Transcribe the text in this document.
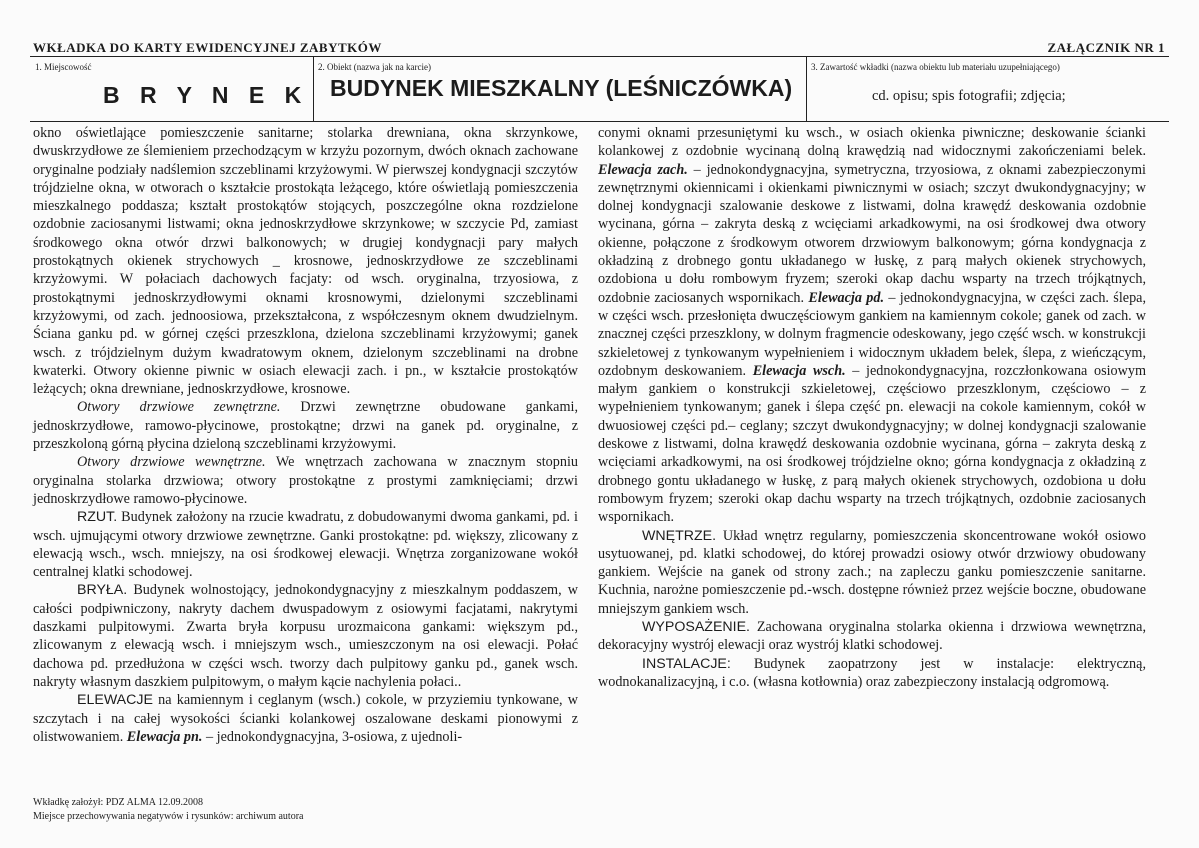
WKŁADKA DO KARTY EWIDENCYJNEJ ZABYTKÓW	ZAŁĄCZNIK NR 1
1. Miejscowość
B R Y N E K
2. Obiekt (nazwa jak na karcie)
BUDYNEK MIESZKALNY (LEŚNICZÓWKA)
3. Zawartość wkładki (nazwa obiektu lub materiału uzupełniającego)
cd. opisu; spis fotografii; zdjęcia;

okno oświetlające pomieszczenie sanitarne; stolarka drewniana, okna skrzynkowe, dwuskrzydłowe ze ślemieniem przechodzącym w krzyżu pozornym, dwóch oknach zachowane oryginalne podziały nadślemion szczeblinami krzyżowymi. W pierwszej kondygnacji szczytów trójdzielne okna, w otworach o kształcie prostokąta leżącego, które oświetlają pomieszczenia mieszkalnego poddasza; kształt prostokątów stojących, poszczególne okna rozdzielone ozdobnie zaciosanymi listwami; okna jednoskrzydłowe skrzynkowe; w szczycie Pd, zamiast środkowego okna otwór drzwi balkonowych; w drugiej kondygnacji pary małych prostokątnych okienek strychowych _ krosnowe, jednoskrzydłowe ze szczeblinami krzyżowymi. W połaciach dachowych facjaty: od wsch. oryginalna, trzyosiowa, z prostokątnymi jednoskrzydłowymi oknami krosnowymi, dzielonymi szczeblinami krzyżowymi, od zach. jednoosiowa, przekształcona, z współczesnym oknem dwudzielnym. Ściana ganku pd. w górnej części przeszklona, dzielona szczeblinami krzyżowymi; ganek wsch. z trójdzielnym dużym kwadratowym oknem, dzielonym szczeblinami na drobne kwaterki. Otwory okienne piwnic w osiach elewacji zach. i pn., w kształcie prostokątów leżących; okna drewniane, jednoskrzydłowe, krosnowe.

Otwory drzwiowe zewnętrzne. Drzwi zewnętrzne obudowane gankami, jednoskrzydłowe, ramowo-płycinowe, prostokątne; drzwi na ganek pd. oryginalne, z przeszkoloną górną płycina dzieloną szczeblinami krzyżowymi.

Otwory drzwiowe wewnętrzne. We wnętrzach zachowana w znacznym stopniu oryginalna stolarka drzwiowa; otwory prostokątne z prostymi zamknięciami; drzwi jednoskrzydłowe ramowo-płycinowe.

RZUT. Budynek założony na rzucie kwadratu, z dobudowanymi dwoma gankami, pd. i wsch. ujmującymi otwory drzwiowe zewnętrzne. Ganki prostokątne: pd. większy, zlicowany z elewacją wsch., wsch. mniejszy, na osi środkowej elewacji. Wnętrza zorganizowane wokół centralnej klatki schodowej.

BRYŁA. Budynek wolnostojący, jednokondygnacyjny z mieszkalnym poddaszem, w całości podpiwniczony, nakryty dachem dwuspadowym z osiowymi facjatami, nakrytymi daszkami pulpitowymi. Zwarta bryła korpusu urozmaicona gankami: większym pd., zlicowanym z elewacją wsch. i mniejszym wsch., umieszczonym na osi elewacji. Połać dachowa pd. przedłużona w części wsch. tworzy dach pulpitowy ganku pd., ganek wsch. nakryty własnym daszkiem pulpitowym, o małym kącie nachylenia połaci..

ELEWACJE na kamiennym i ceglanym (wsch.) cokole, w przyziemiu tynkowane, w szczytach i na całej wysokości ścianki kolankowej oszalowane deskami pionowymi z olistwowaniem. Elewacja pn. – jednokondygnacyjna, 3-osiowa, z ujednoli-

conymi oknami przesuniętymi ku wsch., w osiach okienka piwniczne; deskowanie ścianki kolankowej z ozdobnie wycinaną dolną krawędzią nad widocznymi zakończeniami belek. Elewacja zach. – jednokondygnacyjna, symetryczna, trzyosiowa, z oknami zabezpieczonymi zewnętrznymi okiennicami i okienkami piwnicznymi w osiach; szczyt dwukondygnacyjny; w dolnej kondygnacji szalowanie deskowe z listwami, dolna krawędź deskowania ozdobnie wycinana, górna – zakryta deską z wcięciami arkadkowymi, na osi środkowej dwa otwory okienne, połączone z środkowym otworem drzwiowym balkonowym; górna kondygnacja z okładziną z drobnego gontu układanego w łuskę, z parą małych okienek strychowych, ozdobiona u dołu rombowym fryzem; szeroki okap dachu wsparty na trzech trójkątnych, ozdobnie zaciosanych wspornikach. Elewacja pd. – jednokondygnacyjna, w części zach. ślepa, w części wsch. przesłonięta dwuczęściowym gankiem na kamiennym cokole; ganek od zach. w znacznej części przeszklony, w dolnym fragmencie odeskowany, jego część wsch. w konstrukcji szkieletowej z tynkowanym wypełnieniem i widocznym układem belek, ślepa, z wieńczącym, ozdobnym deskowaniem. Elewacja wsch. – jednokondygnacyjna, rozczłonkowana osiowym małym gankiem o konstrukcji szkieletowej, częściowo przeszklonym, częściowo – z wypełnieniem tynkowanym; ganek i ślepa część pn. elewacji na cokole kamiennym, cokół w dwuosiowej części pd.– ceglany; szczyt dwukondygnacyjny; w dolnej kondygnacji szalowanie deskowe z listwami, dolna krawędź deskowania ozdobnie wycinana, górna – zakryta deską z wcięciami arkadkowymi, na osi środkowej trójdzielne okno; górna kondygnacja z okładziną z drobnego gontu układanego w łuskę, z parą małych okienek strychowych, ozdobiona u dołu rombowym fryzem; szeroki okap dachu wsparty na trzech trójkątnych, ozdobnie zaciosanych wspornikach.

WNĘTRZE. Układ wnętrz regularny, pomieszczenia skoncentrowane wokół osiowo usytuowanej, pd. klatki schodowej, do której prowadzi osiowy otwór drzwiowy obudowany gankiem. Wejście na ganek od strony zach.; na zapleczu ganku pomieszczenie sanitarne. Kuchnia, narożne pomieszczenie pd.-wsch. dostępne również przez wejście boczne, obudowane mniejszym gankiem wsch.

WYPOSAŻENIE. Zachowana oryginalna stolarka okienna i drzwiowa wewnętrzna, dekoracyjny wystrój elewacji oraz wystrój klatki schodowej.

INSTALACJE: Budynek zaopatrzony jest w instalacje: elektryczną, wodnokanalizacyjną, i c.o. (własna kotłownia) oraz zabezpieczony instalacją odgromową.

Wkładkę założył: PDZ ALMA 12.09.2008
Miejsce przechowywania negatywów i rysunków: archiwum autora
